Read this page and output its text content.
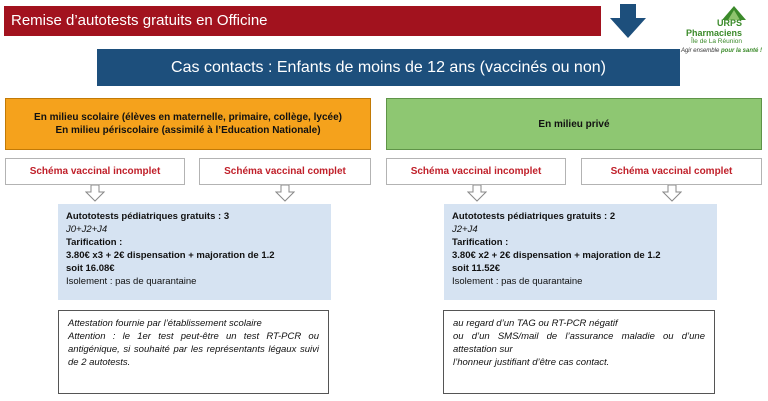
Remise d’autotests gratuits en Officine	URPS
Pharmaciens
Île de La Réunion
Agir ensemble pour la santé !
Cas contacts : Enfants de moins de 12 ans (vaccinés ou non)
En milieu scolaire (élèves en maternelle, primaire, collège, lycée)
En milieu périscolaire (assimilé à l’Education Nationale)
En milieu privé
Schéma vaccinal incomplet	Schéma vaccinal complet	Schéma vaccinal incomplet	Schéma vaccinal complet
Autototests pédiatriques gratuits : 3
J0+J2+J4
Tarification :
3.80€ x3 + 2€ dispensation + majoration de 1.2
soit 16.08€
Isolement : pas de quarantaine
Autototests pédiatriques gratuits : 2
J2+J4
Tarification :
3.80€ x2 + 2€ dispensation + majoration de 1.2
soit 11.52€
Isolement : pas de quarantaine
Attestation fournie par l’établissement scolaire
Attention : le 1er test peut-être un test RT-PCR ou antigénique, si souhaité par les représentants légaux suivi de 2 autotests.
au regard d’un TAG ou RT-PCR négatif
ou d’un SMS/mail de l’assurance maladie ou d’une attestation sur
l’honneur justifiant d’être cas contact.
